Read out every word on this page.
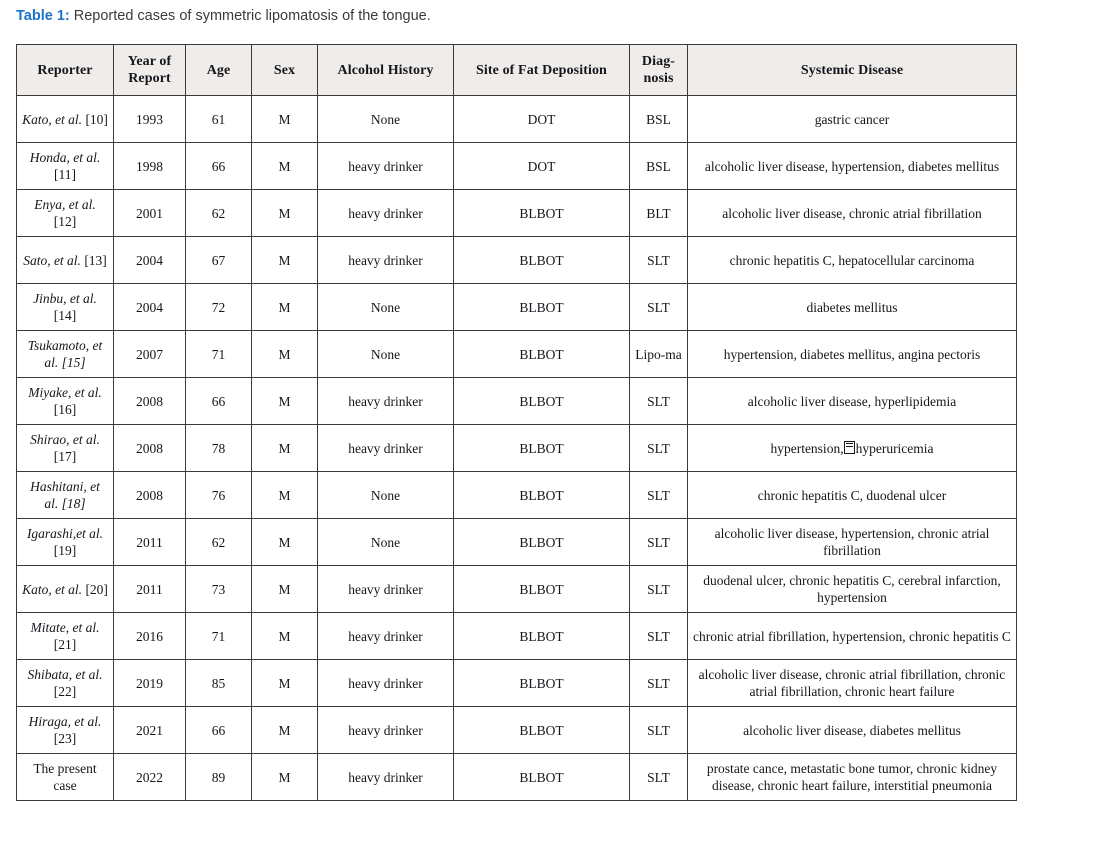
Table 1: Reported cases of symmetric lipomatosis of the tongue.
Reporter	Year of Report	Age	Sex	Alcohol History	Site of Fat Deposition	Diag-nosis	Systemic Disease
Kato, et al. [10]	1993	61	M	None	DOT	BSL	gastric cancer
Honda, et al. [11]	1998	66	M	heavy drinker	DOT	BSL	alcoholic liver disease, hypertension, diabetes mellitus
Enya, et al. [12]	2001	62	M	heavy drinker	BLBOT	BLT	alcoholic liver disease, chronic atrial fibrillation
Sato, et al. [13]	2004	67	M	heavy drinker	BLBOT	SLT	chronic hepatitis C, hepatocellular carcinoma
Jinbu, et al. [14]	2004	72	M	None	BLBOT	SLT	diabetes mellitus
Tsukamoto, et al. [15]	2007	71	M	None	BLBOT	Lipo-ma	hypertension, diabetes mellitus, angina pectoris
Miyake, et al. [16]	2008	66	M	heavy drinker	BLBOT	SLT	alcoholic liver disease, hyperlipidemia
Shirao, et al. [17]	2008	78	M	heavy drinker	BLBOT	SLT	hypertension, hyperuricemia
Hashitani, et al. [18]	2008	76	M	None	BLBOT	SLT	chronic hepatitis C, duodenal ulcer
Igarashi,et al. [19]	2011	62	M	None	BLBOT	SLT	alcoholic liver disease, hypertension, chronic atrial fibrillation
Kato, et al. [20]	2011	73	M	heavy drinker	BLBOT	SLT	duodenal ulcer, chronic hepatitis C, cerebral infarction, hypertension
Mitate, et al. [21]	2016	71	M	heavy drinker	BLBOT	SLT	chronic atrial fibrillation, hypertension, chronic hepatitis C
Shibata, et al. [22]	2019	85	M	heavy drinker	BLBOT	SLT	alcoholic liver disease, chronic atrial fibrillation, chronic atrial fibrillation, chronic heart failure
Hiraga, et al. [23]	2021	66	M	heavy drinker	BLBOT	SLT	alcoholic liver disease, diabetes mellitus
The present case	2022	89	M	heavy drinker	BLBOT	SLT	prostate cance, metastatic bone tumor, chronic kidney disease, chronic heart failure, interstitial pneumonia
